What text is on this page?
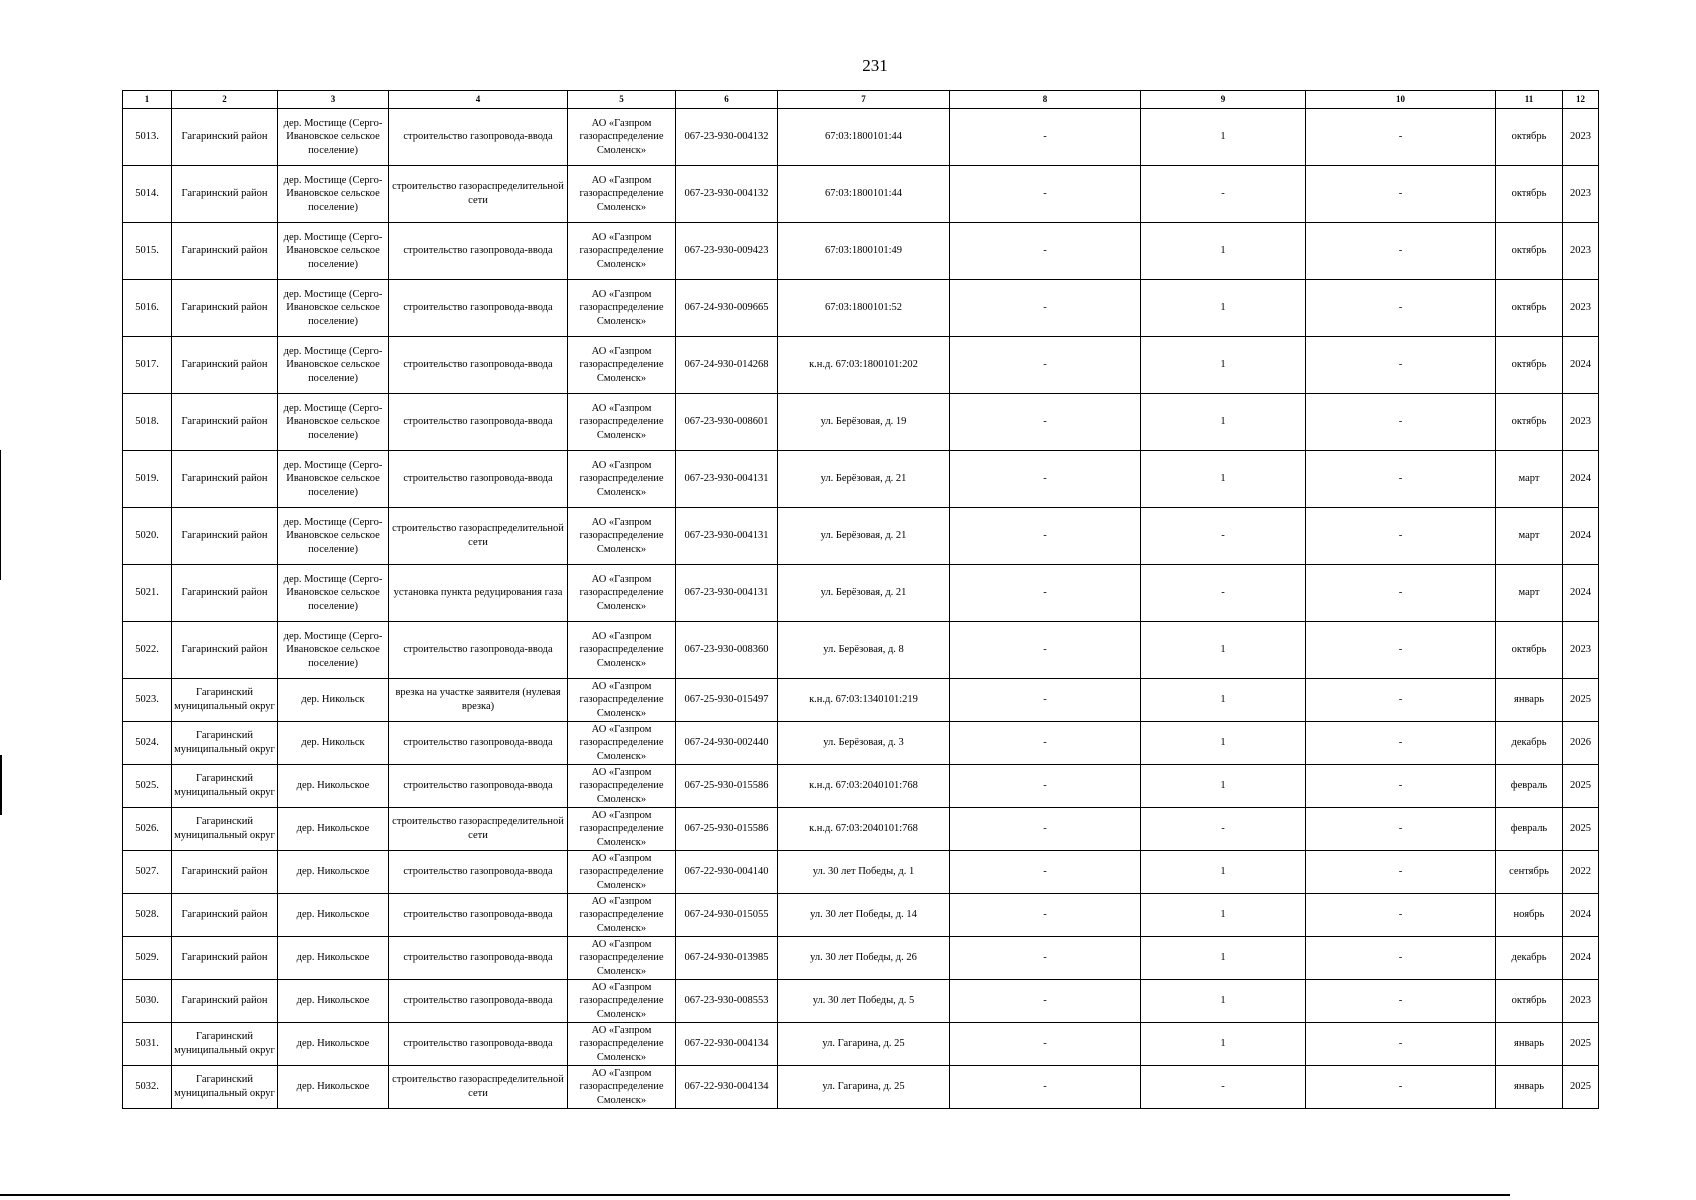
231
1	2	3	4	5	6	7	8	9	10	11	12
5013.	Гагаринский район	дер. Мостище (Серго-Ивановское сельское поселение)	строительство газопровода-ввода	АО «Газпром газораспределение Смоленск»	067-23-930-004132	67:03:1800101:44	-	1	-	октябрь	2023
5014.	Гагаринский район	дер. Мостище (Серго-Ивановское сельское поселение)	строительство газораспределительной сети	АО «Газпром газораспределение Смоленск»	067-23-930-004132	67:03:1800101:44	-	-	-	октябрь	2023
5015.	Гагаринский район	дер. Мостище (Серго-Ивановское сельское поселение)	строительство газопровода-ввода	АО «Газпром газораспределение Смоленск»	067-23-930-009423	67:03:1800101:49	-	1	-	октябрь	2023
5016.	Гагаринский район	дер. Мостище (Серго-Ивановское сельское поселение)	строительство газопровода-ввода	АО «Газпром газораспределение Смоленск»	067-24-930-009665	67:03:1800101:52	-	1	-	октябрь	2023
5017.	Гагаринский район	дер. Мостище (Серго-Ивановское сельское поселение)	строительство газопровода-ввода	АО «Газпром газораспределение Смоленск»	067-24-930-014268	к.н.д. 67:03:1800101:202	-	1	-	октябрь	2024
5018.	Гагаринский район	дер. Мостище (Серго-Ивановское сельское поселение)	строительство газопровода-ввода	АО «Газпром газораспределение Смоленск»	067-23-930-008601	ул. Берёзовая, д. 19	-	1	-	октябрь	2023
5019.	Гагаринский район	дер. Мостище (Серго-Ивановское сельское поселение)	строительство газопровода-ввода	АО «Газпром газораспределение Смоленск»	067-23-930-004131	ул. Берёзовая, д. 21	-	1	-	март	2024
5020.	Гагаринский район	дер. Мостище (Серго-Ивановское сельское поселение)	строительство газораспределительной сети	АО «Газпром газораспределение Смоленск»	067-23-930-004131	ул. Берёзовая, д. 21	-	-	-	март	2024
5021.	Гагаринский район	дер. Мостище (Серго-Ивановское сельское поселение)	установка пункта редуцирования газа	АО «Газпром газораспределение Смоленск»	067-23-930-004131	ул. Берёзовая, д. 21	-	-	-	март	2024
5022.	Гагаринский район	дер. Мостище (Серго-Ивановское сельское поселение)	строительство газопровода-ввода	АО «Газпром газораспределение Смоленск»	067-23-930-008360	ул. Берёзовая, д. 8	-	1	-	октябрь	2023
5023.	Гагаринский муниципальный округ	дер. Никольск	врезка на участке заявителя (нулевая врезка)	АО «Газпром газораспределение Смоленск»	067-25-930-015497	к.н.д. 67:03:1340101:219	-	1	-	январь	2025
5024.	Гагаринский муниципальный округ	дер. Никольск	строительство газопровода-ввода	АО «Газпром газораспределение Смоленск»	067-24-930-002440	ул. Берёзовая, д. 3	-	1	-	декабрь	2026
5025.	Гагаринский муниципальный округ	дер. Никольское	строительство газопровода-ввода	АО «Газпром газораспределение Смоленск»	067-25-930-015586	к.н.д. 67:03:2040101:768	-	1	-	февраль	2025
5026.	Гагаринский муниципальный округ	дер. Никольское	строительство газораспределительной сети	АО «Газпром газораспределение Смоленск»	067-25-930-015586	к.н.д. 67:03:2040101:768	-	-	-	февраль	2025
5027.	Гагаринский район	дер. Никольское	строительство газопровода-ввода	АО «Газпром газораспределение Смоленск»	067-22-930-004140	ул. 30 лет Победы, д. 1	-	1	-	сентябрь	2022
5028.	Гагаринский район	дер. Никольское	строительство газопровода-ввода	АО «Газпром газораспределение Смоленск»	067-24-930-015055	ул. 30 лет Победы, д. 14	-	1	-	ноябрь	2024
5029.	Гагаринский район	дер. Никольское	строительство газопровода-ввода	АО «Газпром газораспределение Смоленск»	067-24-930-013985	ул. 30 лет Победы, д. 26	-	1	-	декабрь	2024
5030.	Гагаринский район	дер. Никольское	строительство газопровода-ввода	АО «Газпром газораспределение Смоленск»	067-23-930-008553	ул. 30 лет Победы, д. 5	-	1	-	октябрь	2023
5031.	Гагаринский муниципальный округ	дер. Никольское	строительство газопровода-ввода	АО «Газпром газораспределение Смоленск»	067-22-930-004134	ул. Гагарина, д. 25	-	1	-	январь	2025
5032.	Гагаринский муниципальный округ	дер. Никольское	строительство газораспределительной сети	АО «Газпром газораспределение Смоленск»	067-22-930-004134	ул. Гагарина, д. 25	-	-	-	январь	2025
